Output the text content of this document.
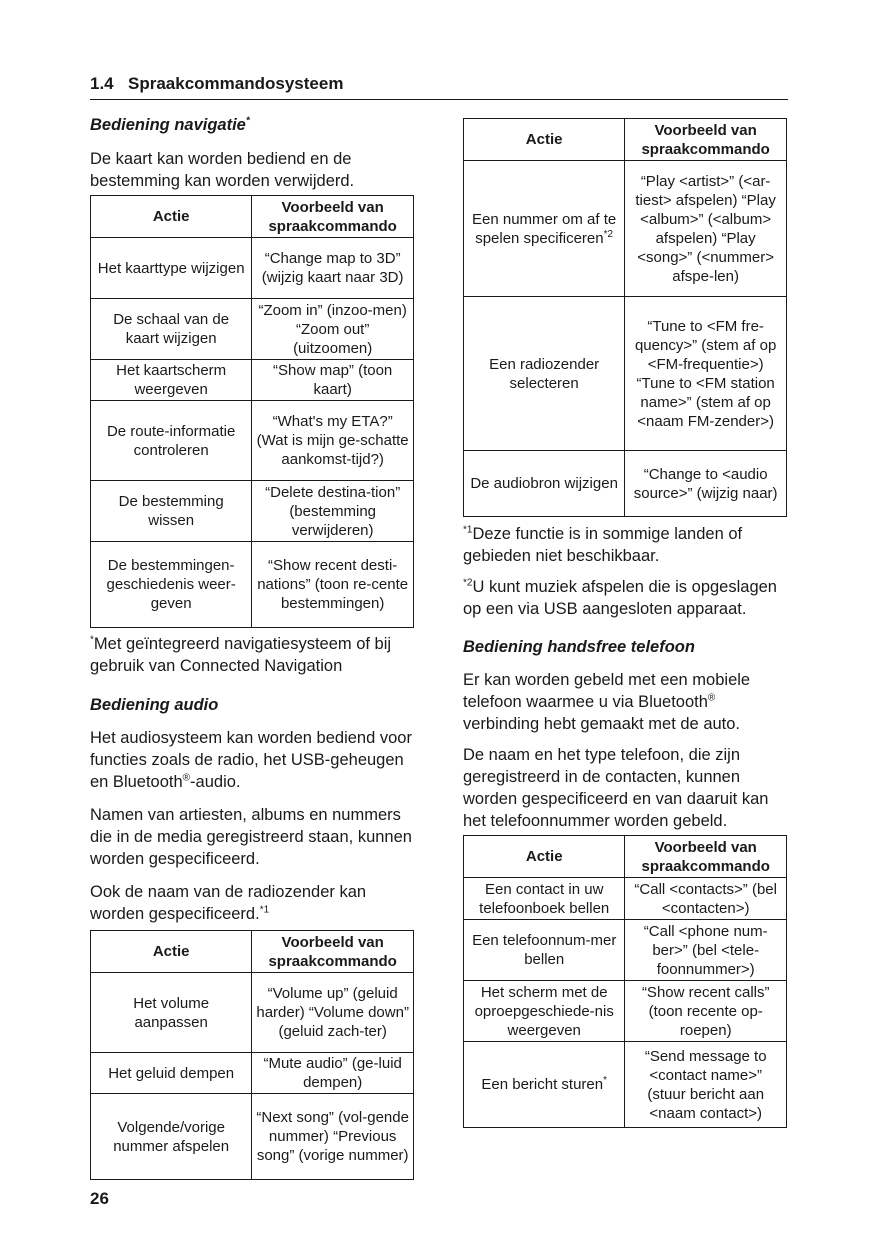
1.4 Spraakcommandosysteem
Bediening navigatie*

De kaart kan worden bediend en de bestemming kan worden verwijderd.

Actie	Voorbeeld van spraakcommando
Het kaarttype wijzigen	“Change map to 3D” (wijzig kaart naar 3D)
De schaal van de kaart wijzigen	“Zoom in” (inzoo-men) “Zoom out” (uitzoomen)
Het kaartscherm weergeven	“Show map” (toon kaart)
De route-informatie controleren	“What's my ETA?” (Wat is mijn ge-schatte aankomst-tijd?)
De bestemming wissen	“Delete destina-tion” (bestemming verwijderen)
De bestemmingen-geschiedenis weer-geven	“Show recent desti-nations” (toon re-cente bestemmingen)

*Met geïntegreerd navigatiesysteem of bij gebruik van Connected Navigation

Bediening audio

Het audiosysteem kan worden bediend voor functies zoals de radio, het USB-geheugen en Bluetooth®-audio.

Namen van artiesten, albums en nummers die in de media geregistreerd staan, kunnen worden gespecificeerd.

Ook de naam van de radiozender kan worden gespecificeerd.$^{*1}$

Actie	Voorbeeld van spraakcommando
Het volume aanpassen	“Volume up” (geluid harder) “Volume down” (geluid zach-ter)
Het geluid dempen	“Mute audio” (ge-luid dempen)
Volgende/vorige nummer afspelen	“Next song” (vol-gende nummer) “Previous song” (vorige nummer)
Actie	Voorbeeld van spraakcommando
Een nummer om af te spelen specificeren$^{*2}$	“Play <artist>” (<ar-tiest> afspelen) “Play <album>” (<album> afspelen) “Play <song>” (<nummer> afspe-len)
Een radiozender selecteren	“Tune to <FM fre-quency>” (stem af op <FM-frequentie>) “Tune to <FM station name>” (stem af op <naam FM-zender>)
De audiobron wijzigen	“Change to <audio source>” (wijzig naar)

$^{*1}$Deze functie is in sommige landen of gebieden niet beschikbaar.

$^{*2}$U kunt muziek afspelen die is opgeslagen op een via USB aangesloten apparaat.

Bediening handsfree telefoon

Er kan worden gebeld met een mobiele telefoon waarmee u via Bluetooth® verbinding hebt gemaakt met de auto.

De naam en het type telefoon, die zijn geregistreerd in de contacten, kunnen worden gespecificeerd en van daaruit kan het telefoonnummer worden gebeld.

Actie	Voorbeeld van spraakcommando
Een contact in uw telefoonboek bellen	“Call <contacts>” (bel <contacten>)
Een telefoonnum-mer bellen	“Call <phone num-ber>” (bel <tele-foonnummer>)
Het scherm met de oproepgeschiede-nis weergeven	“Show recent calls” (toon recente op-roepen)
Een bericht sturen*	“Send message to <contact name>” (stuur bericht aan <naam contact>)
26
